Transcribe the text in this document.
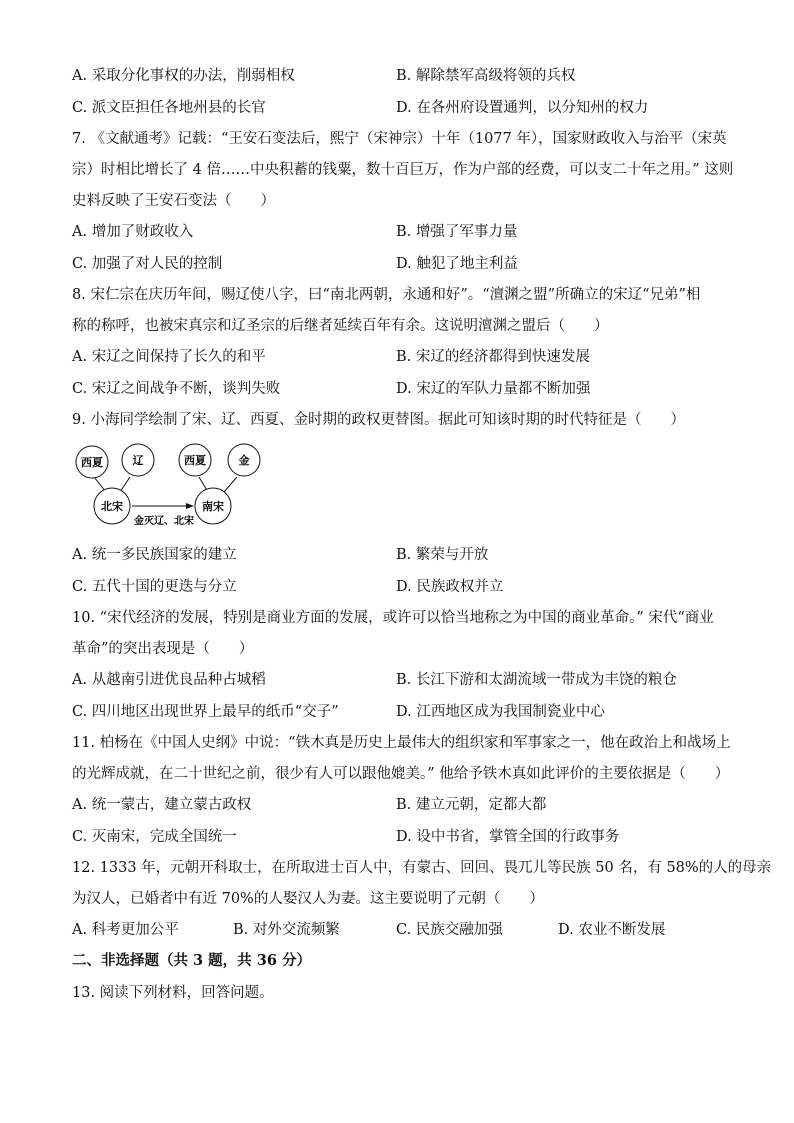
A. 采取分化事权的办法，削弱相权	B. 解除禁军高级将领的兵权
C. 派文臣担任各地州县的长官	D. 在各州府设置通判，以分知州的权力
7. 《文献通考》记载：“王安石变法后，熙宁（宋神宗）十年（1077 年），国家财政收入与治平（宋英
宗）时相比增长了 4 倍……中央积蓄的钱粟，数十百巨万，作为户部的经费，可以支二十年之用。” 这则
史料反映了王安石变法（　　）
A. 增加了财政收入	B. 增强了军事力量
C. 加强了对人民的控制	D. 触犯了地主利益
8. 宋仁宗在庆历年间，赐辽使八字，曰“南北两朝，永通和好”。“澶渊之盟”所确立的宋辽“兄弟”相
称的称呼，也被宋真宗和辽圣宗的后继者延续百年有余。这说明澶渊之盟后（　　）
A. 宋辽之间保持了长久的和平	B. 宋辽的经济都得到快速发展
C. 宋辽之间战争不断，谈判失败	D. 宋辽的军队力量都不断加强
9. 小海同学绘制了宋、辽、西夏、金时期的政权更替图。据此可知该时期的时代特征是（　　）
西夏	辽
北宋
西夏	金
南宋
金灭辽、北宋
A. 统一多民族国家的建立	B. 繁荣与开放
C. 五代十国的更迭与分立	D. 民族政权并立
10. “宋代经济的发展，特别是商业方面的发展，或许可以恰当地称之为中国的商业革命。” 宋代“商业
革命”的突出表现是（　　）
A. 从越南引进优良品种占城稻	B. 长江下游和太湖流域一带成为丰饶的粮仓
C. 四川地区出现世界上最早的纸币“交子”	D. 江西地区成为我国制瓷业中心
11. 柏杨在《中国人史纲》中说：“铁木真是历史上最伟大的组织家和军事家之一，他在政治上和战场上
的光辉成就，在二十世纪之前，很少有人可以跟他媲美。” 他给予铁木真如此评价的主要依据是（　　）
A. 统一蒙古，建立蒙古政权	B. 建立元朝，定都大都
C. 灭南宋，完成全国统一	D. 设中书省，掌管全国的行政事务
12. 1333 年，元朝开科取士，在所取进士百人中，有蒙古、回回、畏兀儿等民族 50 名，有 58%的人的母亲
为汉人，已婚者中有近 70%的人娶汉人为妻。这主要说明了元朝（　　）
A. 科考更加公平	B. 对外交流频繁	C. 民族交融加强	D. 农业不断发展
二、非选择题（共 3 题，共 36 分）
13. 阅读下列材料，回答问题。
